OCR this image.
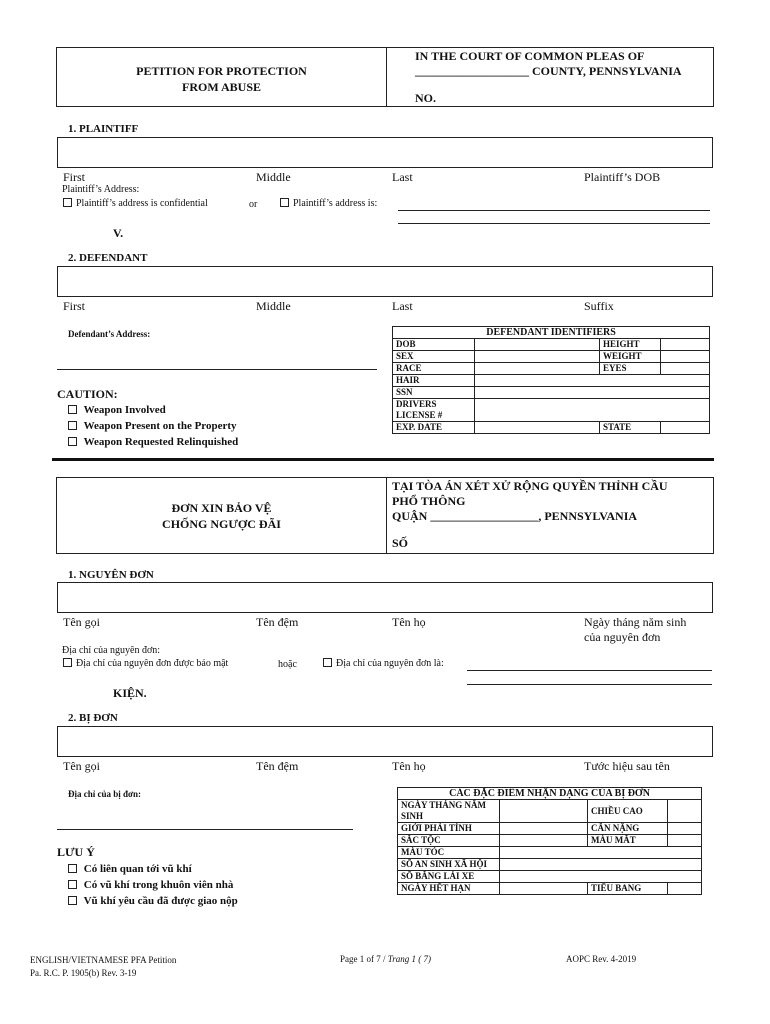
PETITION FOR PROTECTION
FROM ABUSE
IN THE COURT OF COMMON PLEAS OF
___________________ COUNTY, PENNSYLVANIA
NO.
1. PLAINTIFF
First	Middle	Last	Plaintiff’s DOB
Plaintiff’s Address:
Plaintiff’s address is confidential	or	Plaintiff’s address is:
V.
2. DEFENDANT
First	Middle	Last	Suffix
Defendant’s Address:
CAUTION:
Weapon Involved
Weapon Present on the Property
Weapon Requested Relinquished
DEFENDANT IDENTIFIERS			
DOB		HEIGHT	
SEX		WEIGHT	
RACE		EYES	
HAIR			
SSN			
DRIVERS LICENSE #			
EXP. DATE		STATE	
ĐƠN XIN BẢO VỆ
CHỐNG NGƯỢC ĐÃI
TẠI TÒA ÁN XÉT XỬ RỘNG QUYỀN THỈNH CẦU
PHỔ THÔNG
QUẬN __________________, PENNSYLVANIA
SỐ
1. NGUYÊN ĐƠN
Tên gọi	Tên đệm	Tên họ	Ngày tháng năm sinh
của nguyên đơn
Địa chỉ của nguyên đơn:
Địa chỉ của nguyên đơn được bảo mật	hoặc	Địa chỉ của nguyên đơn là:
KIỆN.
2. BỊ ĐƠN
Tên gọi	Tên đệm	Tên họ	Tước hiệu sau tên
Địa chỉ của bị đơn:
LƯU Ý
Có liên quan tới vũ khí
Có vũ khí trong khuôn viên nhà
Vũ khí yêu cầu đã được giao nộp
CÁC ĐẶC ĐIỂM NHẬN DẠNG CỦA BỊ ĐƠN			
NGÀY THÁNG NĂM SINH		CHIỀU CAO	
GIỚI PHÁI TÍNH		CÂN NẶNG	
SẮC TỘC		MÀU MẮT	
MÀU TÓC			
SỐ AN SINH XÃ HỘI			
SỐ BẰNG LÁI XE			
NGÀY HẾT HẠN		TIỂU BANG	
ENGLISH/VIETNAMESE PFA Petition
Pa. R.C. P. 1905(b) Rev. 3-19
Page 1 of 7 / Trang 1 ( 7)	AOPC Rev. 4-2019
